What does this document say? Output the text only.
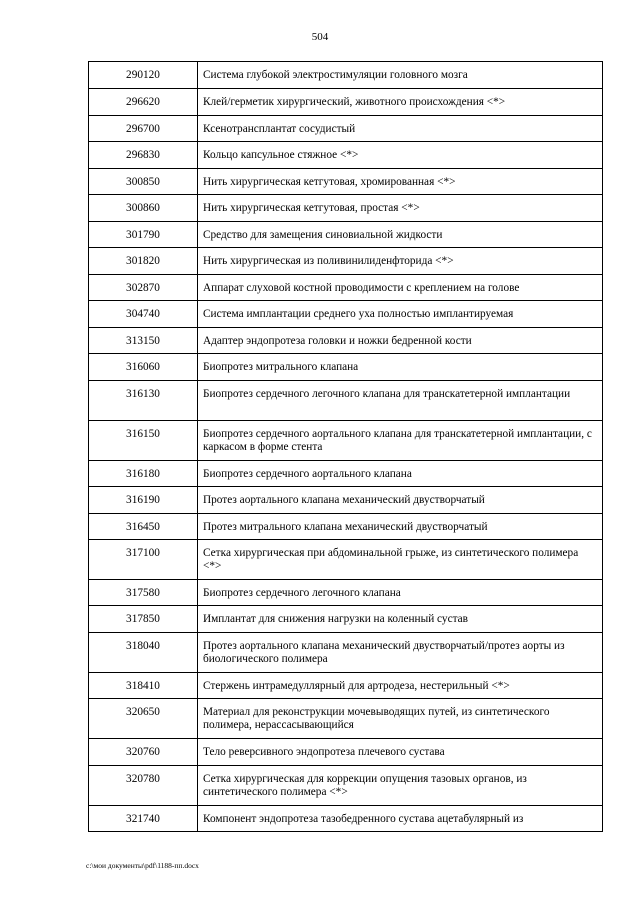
504
290120	Система глубокой электростимуляции головного мозга
296620	Клей/герметик хирургический, животного происхождения <*>
296700	Ксенотрансплантат сосудистый
296830	Кольцо капсульное стяжное <*>
300850	Нить хирургическая кетгутовая, хромированная <*>
300860	Нить хирургическая кетгутовая, простая <*>
301790	Средство для замещения синовиальной жидкости
301820	Нить хирургическая из поливинилиденфторида <*>
302870	Аппарат слуховой костной проводимости с креплением на голове
304740	Система имплантации среднего уха полностью имплантируемая
313150	Адаптер эндопротеза головки и ножки бедренной кости
316060	Биопротез митрального клапана
316130	Биопротез сердечного легочного клапана для транскатетерной имплантации
316150	Биопротез сердечного аортального клапана для транскатетерной имплантации, с каркасом в форме стента
316180	Биопротез сердечного аортального клапана
316190	Протез аортального клапана механический двустворчатый
316450	Протез митрального клапана механический двустворчатый
317100	Сетка хирургическая при абдоминальной грыже, из синтетического полимера <*>
317580	Биопротез сердечного легочного клапана
317850	Имплантат для снижения нагрузки на коленный сустав
318040	Протез аортального клапана механический двустворчатый/протез аорты из биологического полимера
318410	Стержень интрамедуллярный для артродеза, нестерильный <*>
320650	Материал для реконструкции мочевыводящих путей, из синтетического полимера, нерассасывающийся
320760	Тело реверсивного эндопротеза плечевого сустава
320780	Сетка хирургическая для коррекции опущения тазовых органов, из синтетического полимера <*>
321740	Компонент эндопротеза тазобедренного сустава ацетабулярный из
c:\мои документы\pdf\1188-пп.docx
